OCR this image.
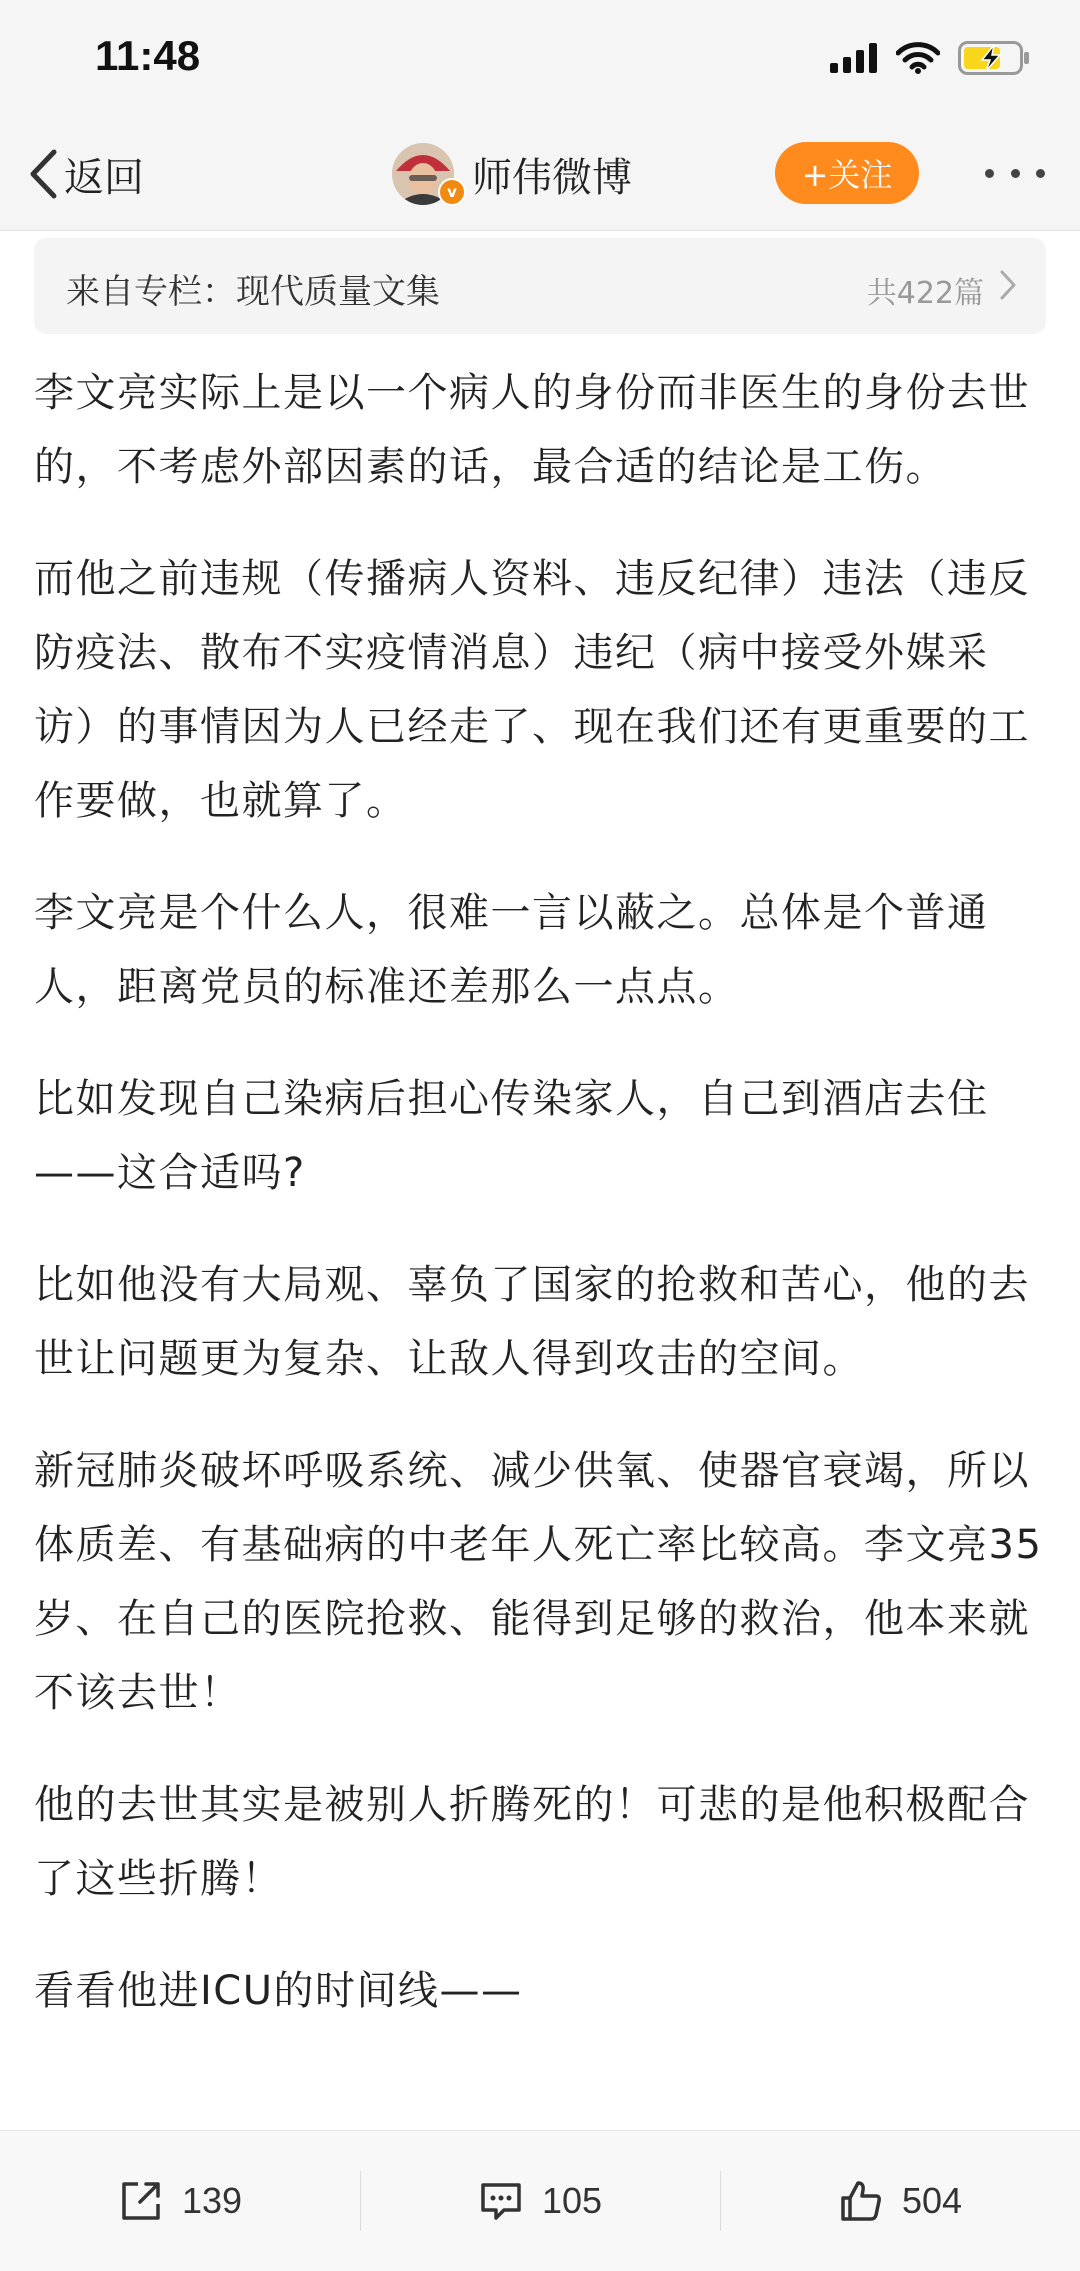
11:48
返回	师伟微博
v	+关注
来自专栏：现代质量文集	共422篇

李文亮实际上是以一个病人的身份而非医生的身份去世的，不考虑外部因素的话，最合适的结论是工伤。

而他之前违规（传播病人资料、违反纪律）违法（违反防疫法、散布不实疫情消息）违纪（病中接受外媒采访）的事情因为人已经走了、现在我们还有更重要的工作要做，也就算了。

李文亮是个什么人，很难一言以蔽之。总体是个普通人，距离党员的标准还差那么一点点。

比如发现自己染病后担心传染家人，自己到酒店去住——这合适吗?

比如他没有大局观、辜负了国家的抢救和苦心，他的去世让问题更为复杂、让敌人得到攻击的空间。

新冠肺炎破坏呼吸系统、减少供氧、使器官衰竭，所以体质差、有基础病的中老年人死亡率比较高。李文亮35岁、在自己的医院抢救、能得到足够的救治，他本来就不该去世！

他的去世其实是被别人折腾死的！可悲的是他积极配合了这些折腾！

看看他进ICU的时间线——

139	105	504
